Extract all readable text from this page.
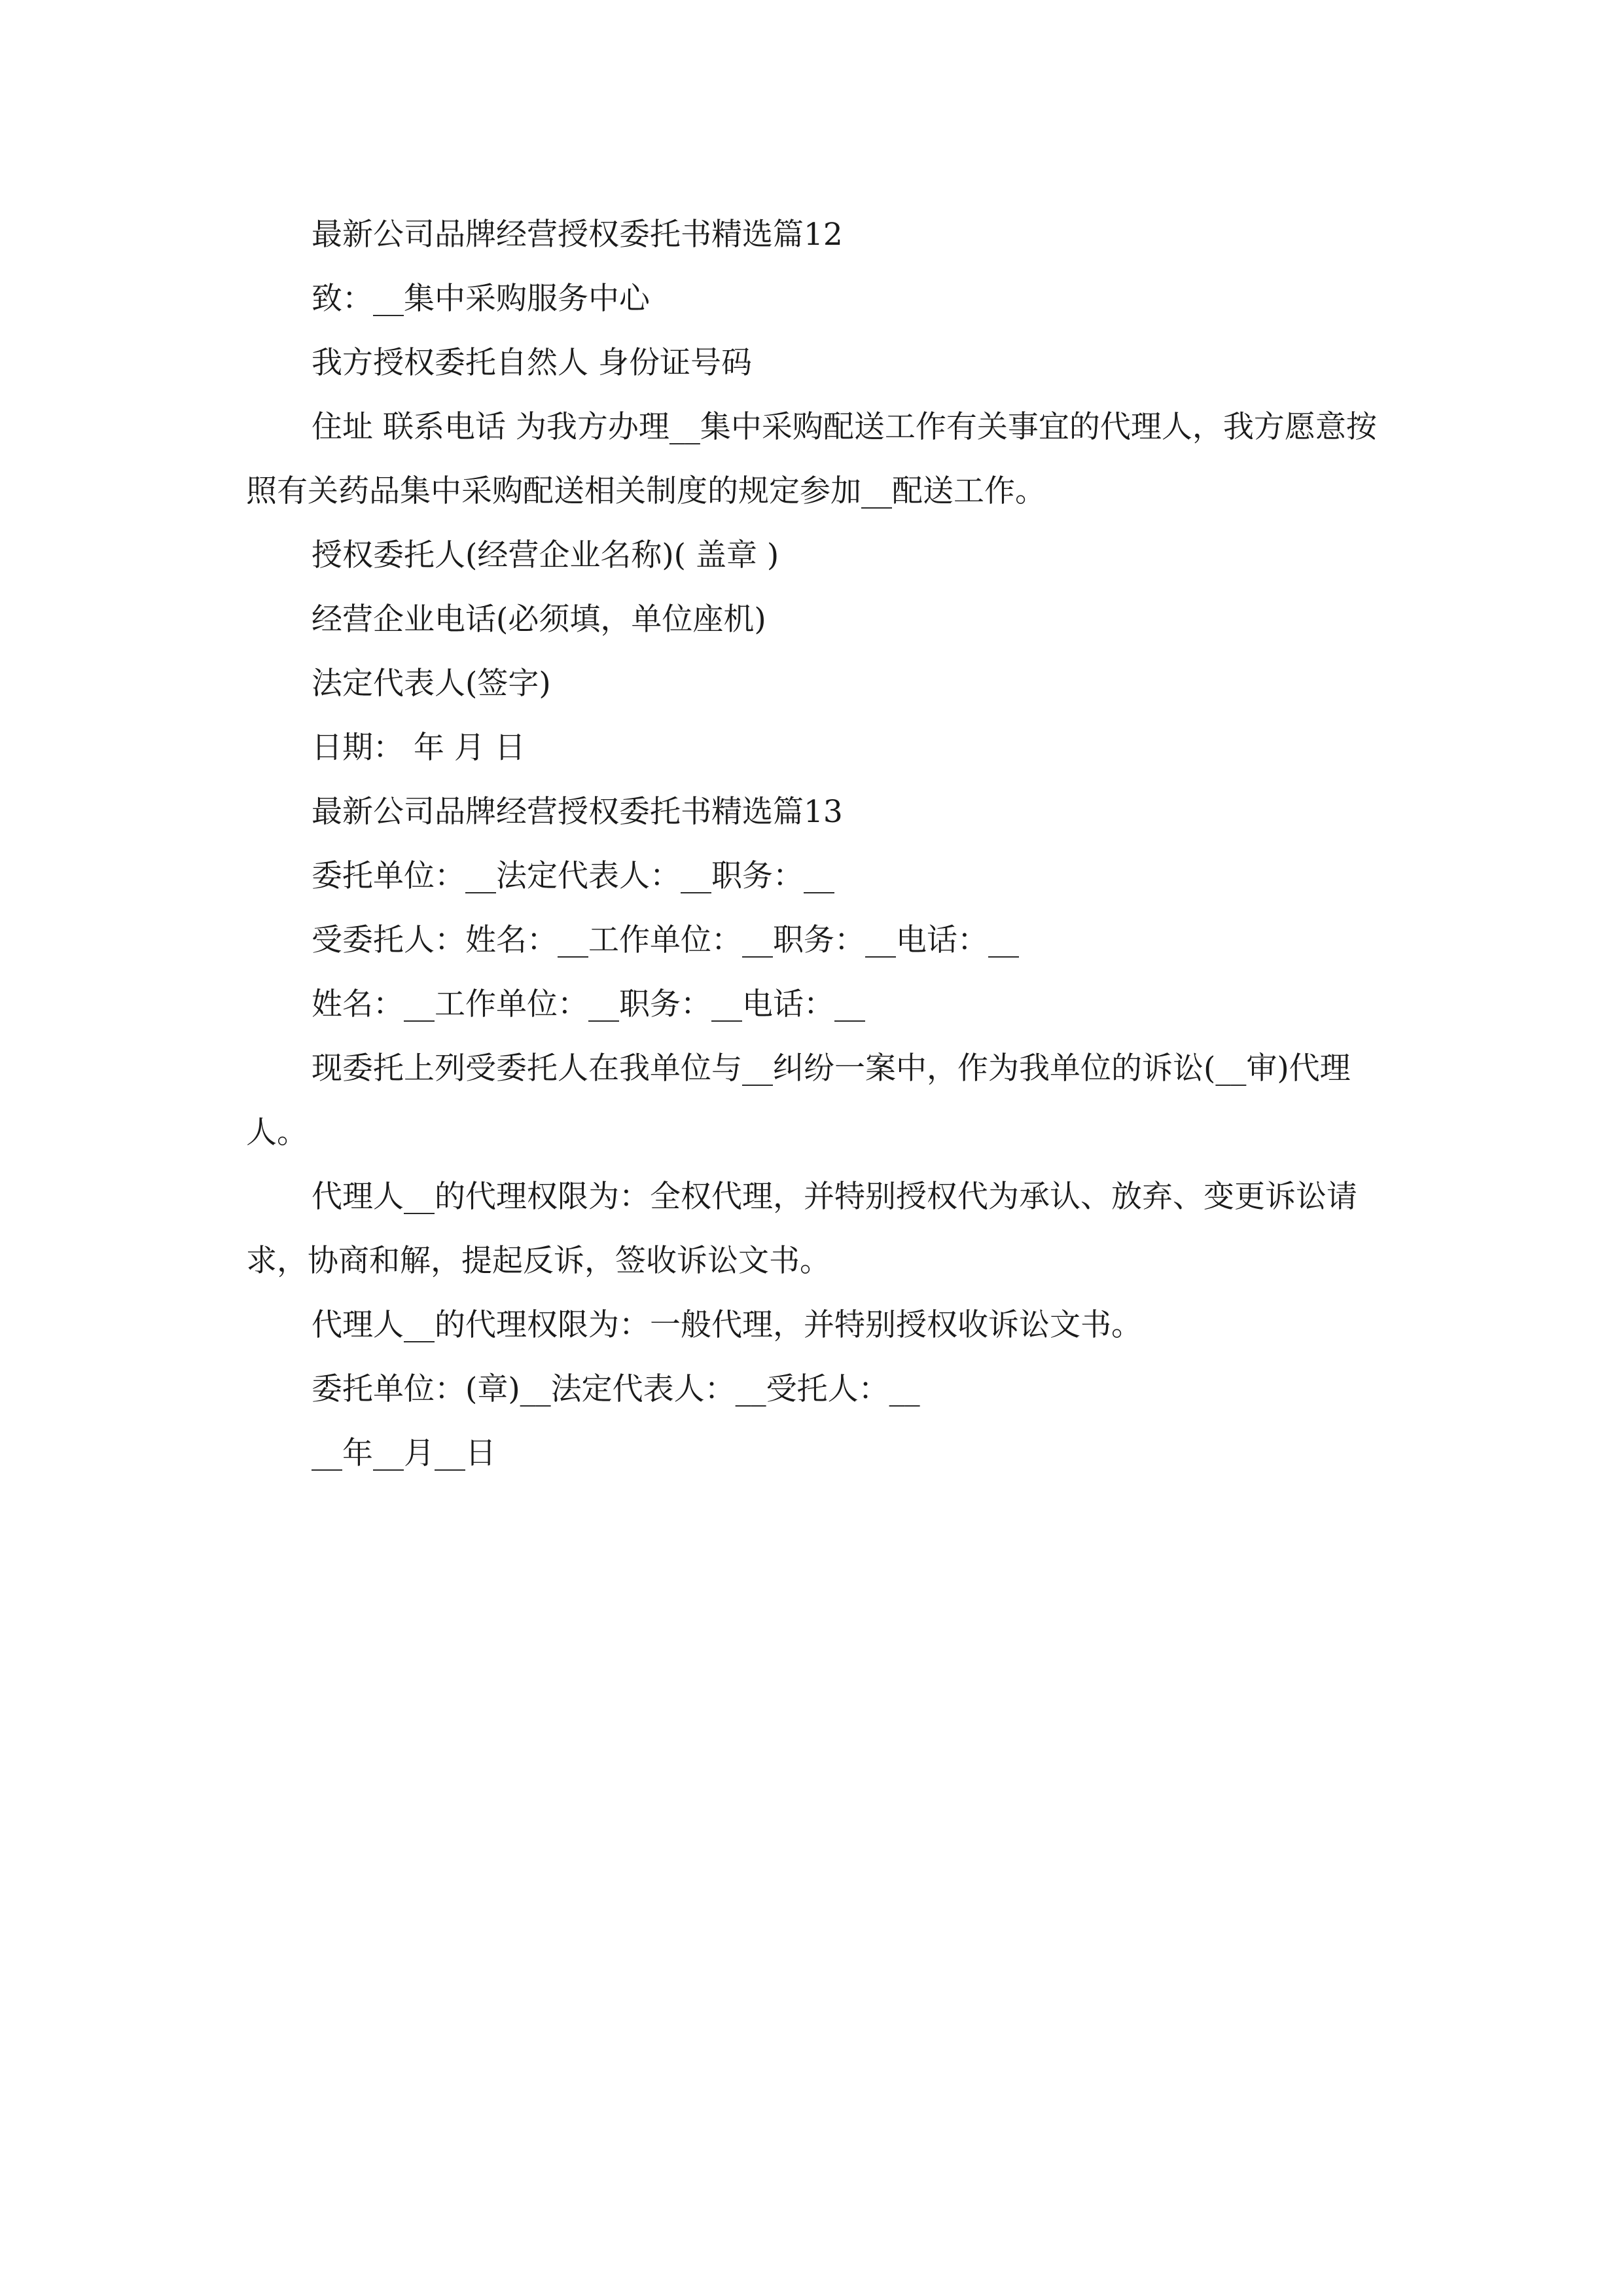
最新公司品牌经营授权委托书精选篇12

致：__集中采购服务中心

我方授权委托自然人 身份证号码

住址 联系电话 为我方办理__集中采购配送工作有关事宜的代理人，我方愿意按照有关药品集中采购配送相关制度的规定参加__配送工作。

授权委托人(经营企业名称)( 盖章 )

经营企业电话(必须填，单位座机)

法定代表人(签字)

日期： 年 月 日

最新公司品牌经营授权委托书精选篇13

委托单位：__法定代表人：__职务：__

受委托人：姓名：__工作单位：__职务：__电话：__

姓名：__工作单位：__职务：__电话：__

现委托上列受委托人在我单位与__纠纷一案中，作为我单位的诉讼(__审)代理人。

代理人__的代理权限为：全权代理，并特别授权代为承认、放弃、变更诉讼请求，协商和解，提起反诉，签收诉讼文书。

代理人__的代理权限为：一般代理，并特别授权收诉讼文书。

委托单位：(章)__法定代表人：__受托人：__

__年__月__日
